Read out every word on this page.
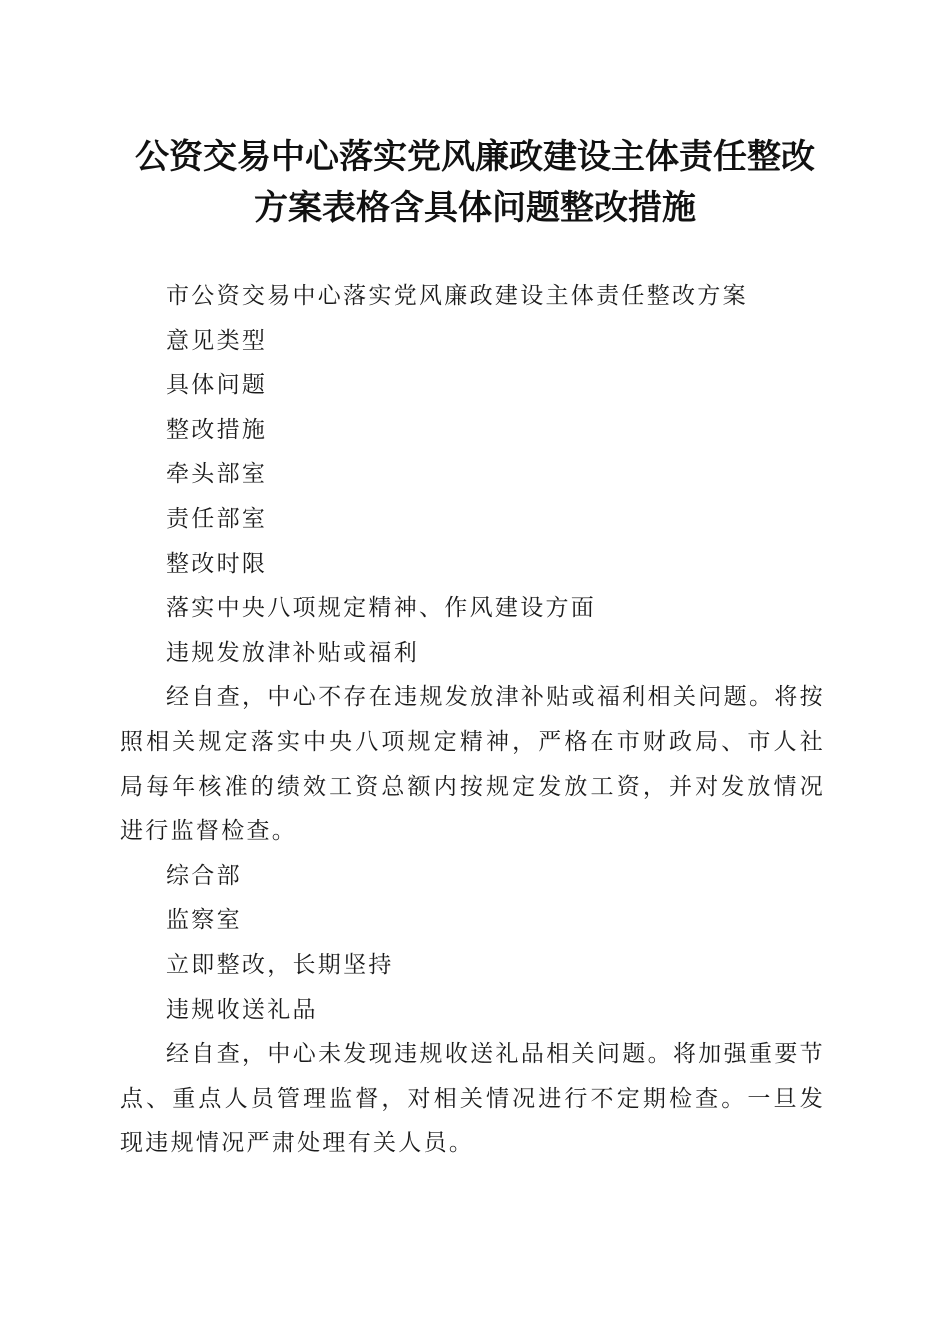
公资交易中心落实党风廉政建设主体责任整改
方案表格含具体问题整改措施

市公资交易中心落实党风廉政建设主体责任整改方案

意见类型

具体问题

整改措施

牵头部室

责任部室

整改时限

落实中央八项规定精神、作风建设方面

违规发放津补贴或福利

经自查，中心不存在违规发放津补贴或福利相关问题。将按照相关规定落实中央八项规定精神，严格在市财政局、市人社局每年核准的绩效工资总额内按规定发放工资，并对发放情况进行监督检查。

综合部

监察室

立即整改，长期坚持

违规收送礼品

经自查，中心未发现违规收送礼品相关问题。将加强重要节点、重点人员管理监督，对相关情况进行不定期检查。一旦发现违规情况严肃处理有关人员。
